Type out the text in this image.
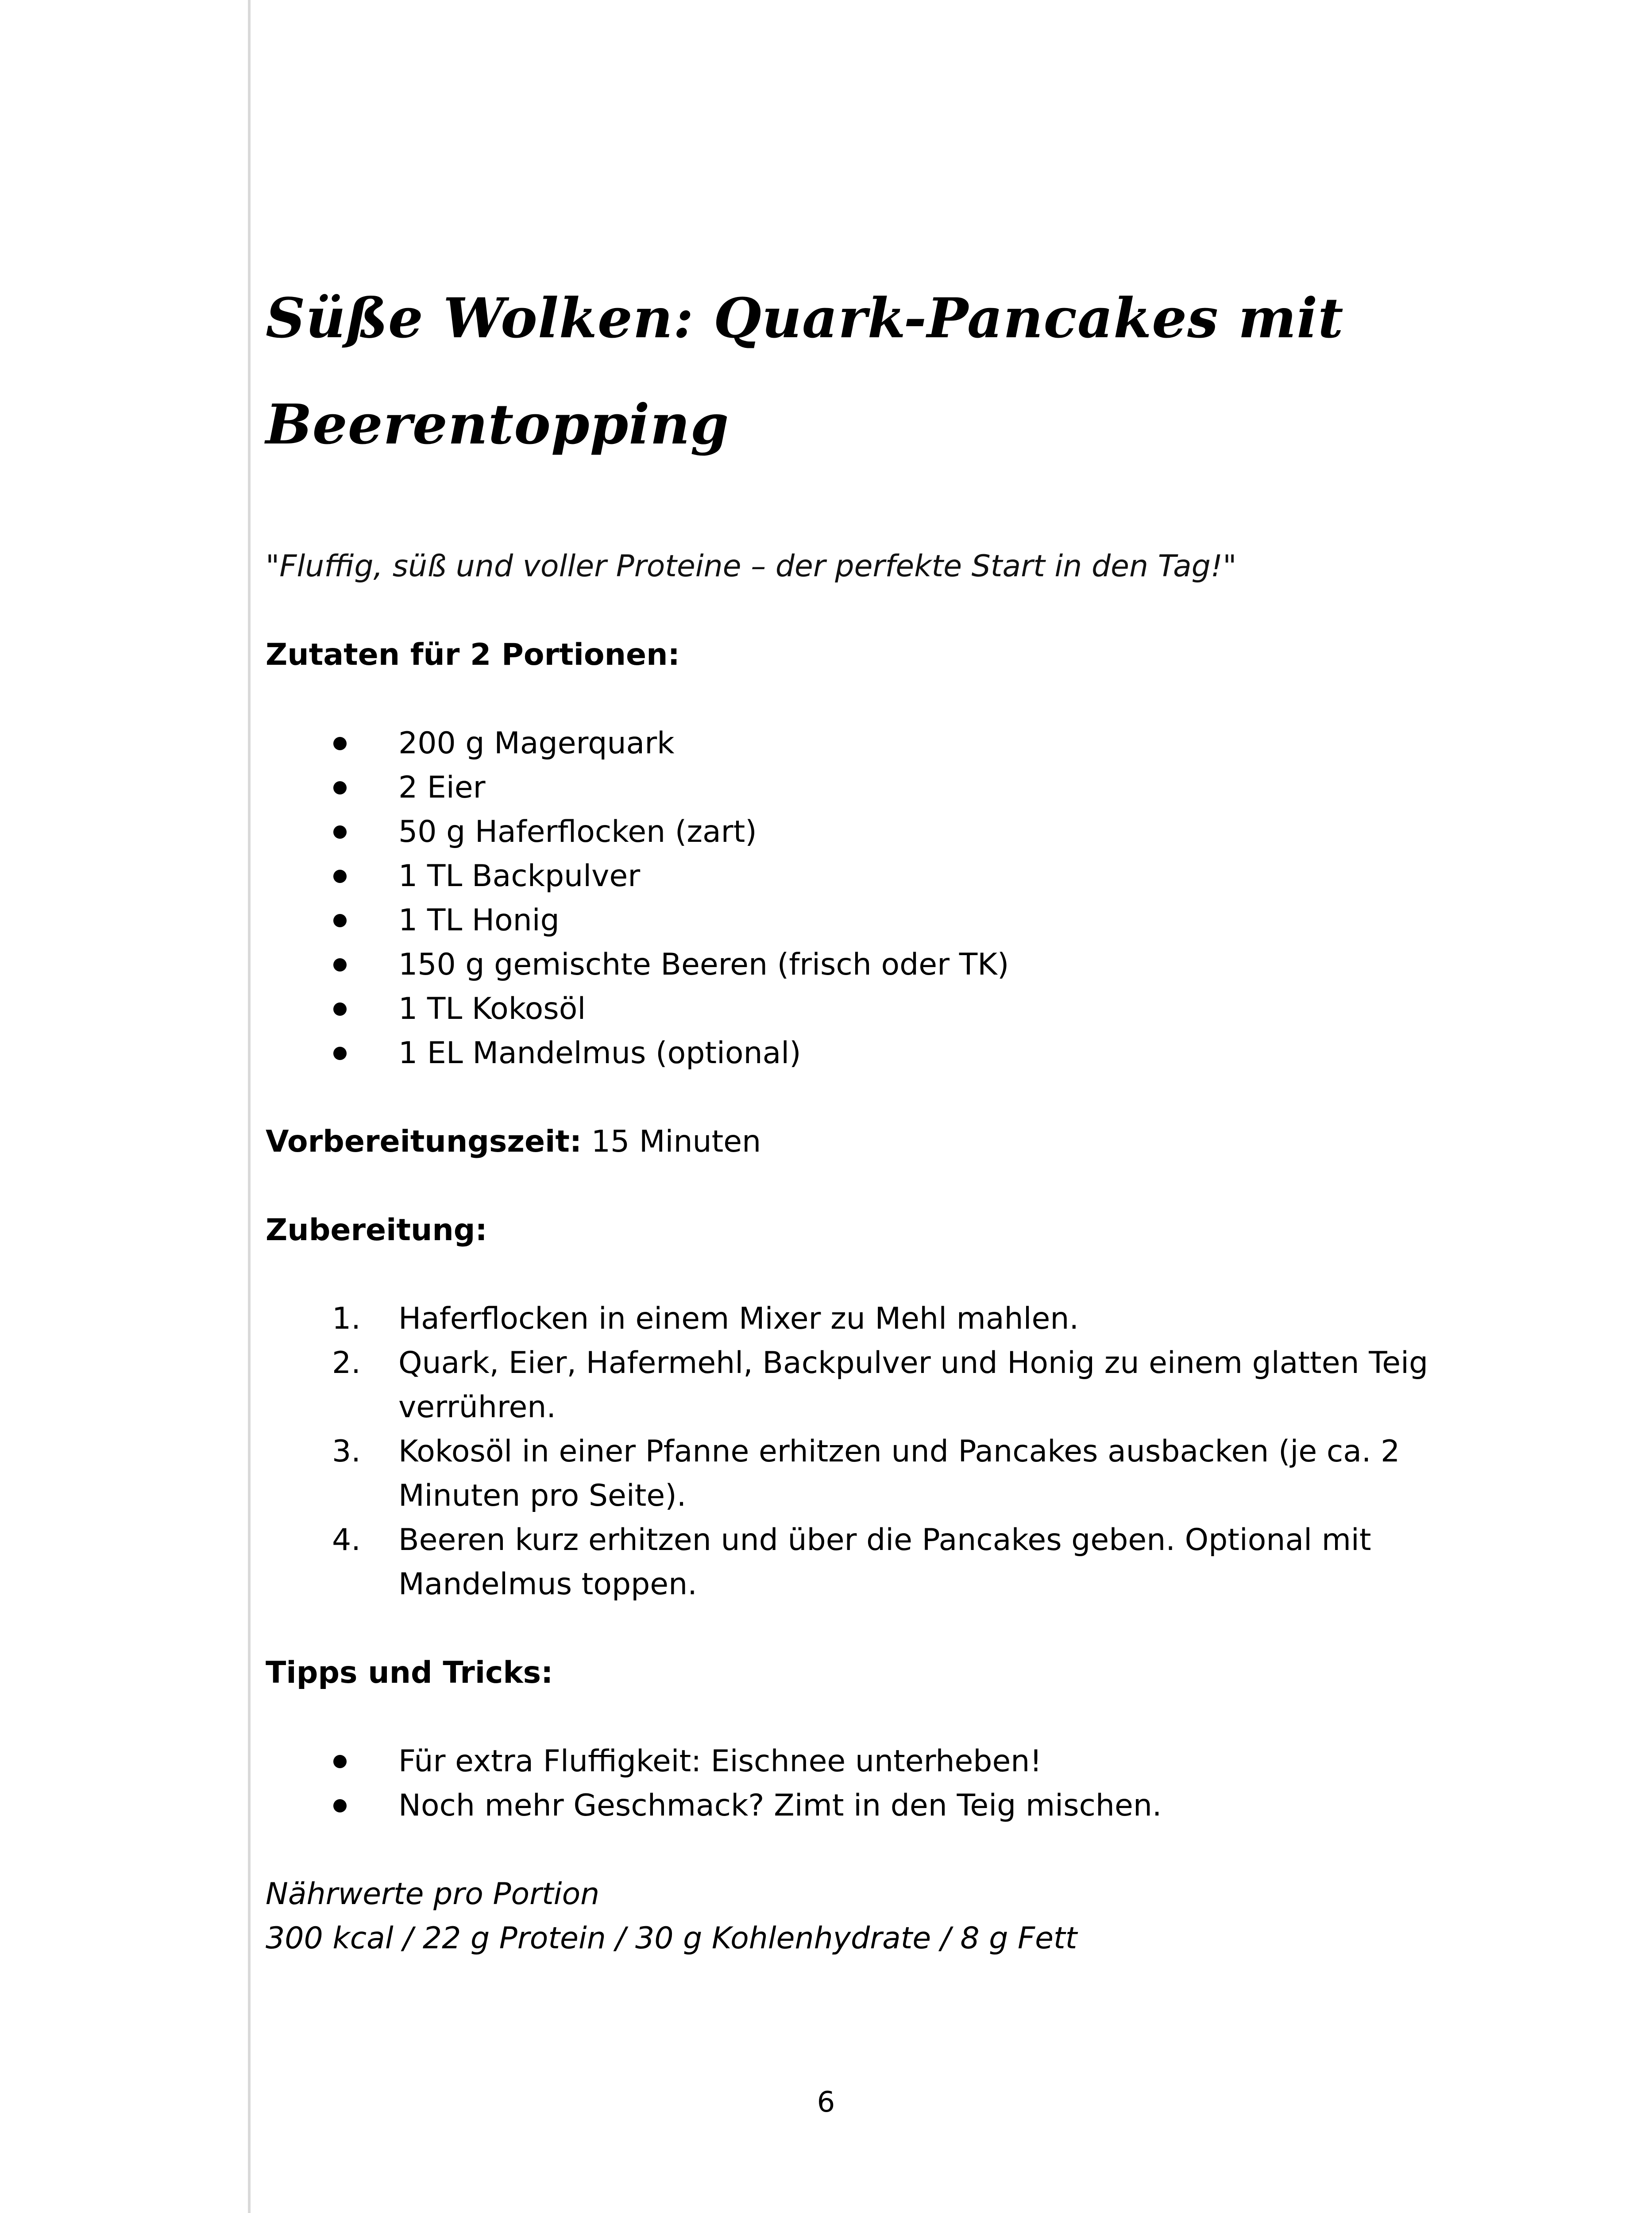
Süße Wolken: Quark-Pancakes mit
Beerentopping

"Fluffig, süß und voller Proteine – der perfekte Start in den Tag!"

Zutaten für 2 Portionen:

200 g Magerquark
2 Eier
50 g Haferflocken (zart)
1 TL Backpulver
1 TL Honig
150 g gemischte Beeren (frisch oder TK)
1 TL Kokosöl
1 EL Mandelmus (optional)

Vorbereitungszeit: 15 Minuten

Zubereitung:

1.	Haferflocken in einem Mixer zu Mehl mahlen.
2.	Quark, Eier, Hafermehl, Backpulver und Honig zu einem glatten Teig verrühren.
3.	Kokosöl in einer Pfanne erhitzen und Pancakes ausbacken (je ca. 2 Minuten pro Seite).
4.	Beeren kurz erhitzen und über die Pancakes geben. Optional mit Mandelmus toppen.

Tipps und Tricks:

Für extra Fluffigkeit: Eischnee unterheben!
Noch mehr Geschmack? Zimt in den Teig mischen.

Nährwerte pro Portion
300 kcal / 22 g Protein / 30 g Kohlenhydrate / 8 g Fett

6
